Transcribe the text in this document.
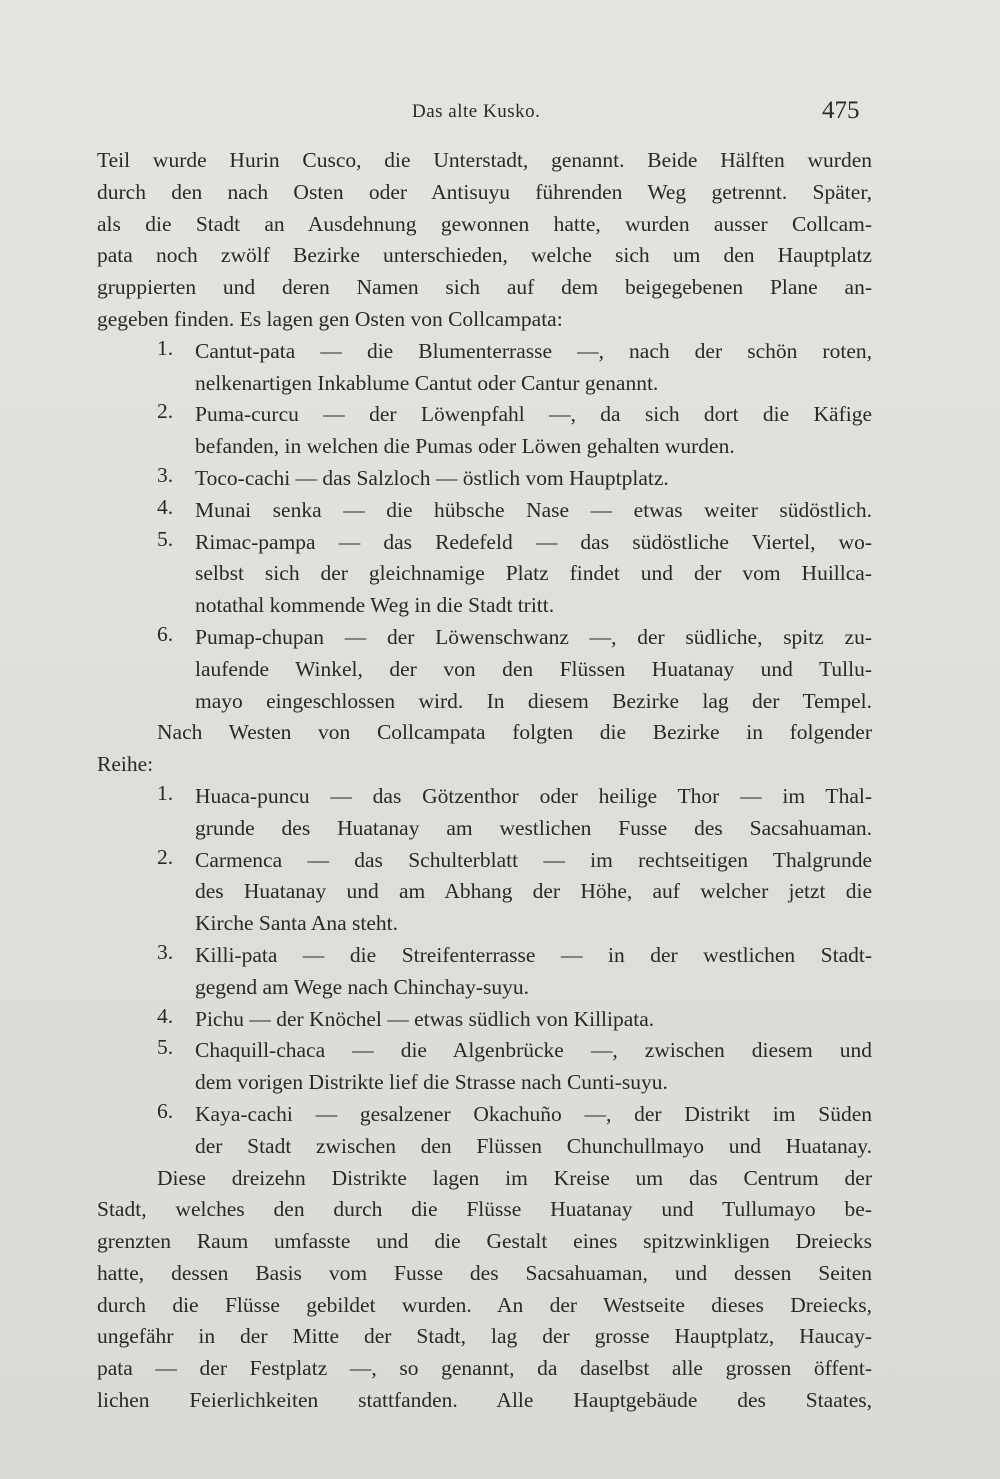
Das alte Kusko.	475
Teil wurde Hurin Cusco, die Unterstadt, genannt. Beide Hälften wurden
durch den nach Osten oder Antisuyu führenden Weg getrennt. Später,
als die Stadt an Ausdehnung gewonnen hatte, wurden ausser Collcam-
pata noch zwölf Bezirke unterschieden, welche sich um den Hauptplatz
gruppierten und deren Namen sich auf dem beigegebenen Plane an-
gegeben finden. Es lagen gen Osten von Collcampata:
1.	Cantut-pata — die Blumenterrasse —, nach der schön roten,
nelkenartigen Inkablume Cantut oder Cantur genannt.
2.	Puma-curcu — der Löwenpfahl —, da sich dort die Käfige
befanden, in welchen die Pumas oder Löwen gehalten wurden.
3.	Toco-cachi — das Salzloch — östlich vom Hauptplatz.
4.	Munai senka — die hübsche Nase — etwas weiter südöstlich.
5.	Rimac-pampa — das Redefeld — das südöstliche Viertel, wo-
selbst sich der gleichnamige Platz findet und der vom Huillca-
notathal kommende Weg in die Stadt tritt.
6.	Pumap-chupan — der Löwenschwanz —, der südliche, spitz zu-
laufende Winkel, der von den Flüssen Huatanay und Tullu-
mayo eingeschlossen wird. In diesem Bezirke lag der Tempel.
Nach Westen von Collcampata folgten die Bezirke in folgender
Reihe:
1.	Huaca-puncu — das Götzenthor oder heilige Thor — im Thal-
grunde des Huatanay am westlichen Fusse des Sacsahuaman.
2.	Carmenca — das Schulterblatt — im rechtseitigen Thalgrunde
des Huatanay und am Abhang der Höhe, auf welcher jetzt die
Kirche Santa Ana steht.
3.	Killi-pata — die Streifenterrasse — in der westlichen Stadt-
gegend am Wege nach Chinchay-suyu.
4.	Pichu — der Knöchel — etwas südlich von Killipata.
5.	Chaquill-chaca — die Algenbrücke —, zwischen diesem und
dem vorigen Distrikte lief die Strasse nach Cunti-suyu.
6.	Kaya-cachi — gesalzener Okachuño —, der Distrikt im Süden
der Stadt zwischen den Flüssen Chunchullmayo und Huatanay.
Diese dreizehn Distrikte lagen im Kreise um das Centrum der
Stadt, welches den durch die Flüsse Huatanay und Tullumayo be-
grenzten Raum umfasste und die Gestalt eines spitzwinkligen Dreiecks
hatte, dessen Basis vom Fusse des Sacsahuaman, und dessen Seiten
durch die Flüsse gebildet wurden. An der Westseite dieses Dreiecks,
ungefähr in der Mitte der Stadt, lag der grosse Hauptplatz, Haucay-
pata — der Festplatz —, so genannt, da daselbst alle grossen öffent-
lichen Feierlichkeiten stattfanden. Alle Hauptgebäude des Staates,
